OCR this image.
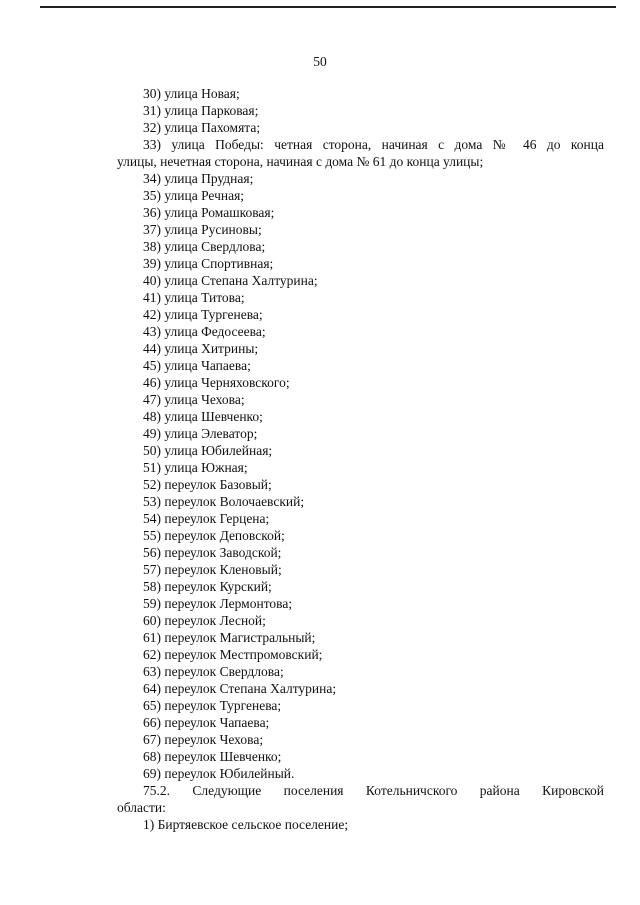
50
30) улица Новая;
31) улица Парковая;
32) улица Пахомята;
33) улица Победы: четная сторона, начиная с дома № 46 до конца
улицы, нечетная сторона, начиная с дома № 61 до конца улицы;
34) улица Прудная;
35) улица Речная;
36) улица Ромашковая;
37) улица Русиновы;
38) улица Свердлова;
39) улица Спортивная;
40) улица Степана Халтурина;
41) улица Титова;
42) улица Тургенева;
43) улица Федосеева;
44) улица Хитрины;
45) улица Чапаева;
46) улица Черняховского;
47) улица Чехова;
48) улица Шевченко;
49) улица Элеватор;
50) улица Юбилейная;
51) улица Южная;
52) переулок Базовый;
53) переулок Волочаевский;
54) переулок Герцена;
55) переулок Деповской;
56) переулок Заводской;
57) переулок Кленовый;
58) переулок Курский;
59) переулок Лермонтова;
60) переулок Лесной;
61) переулок Магистральный;
62) переулок Местпромовский;
63) переулок Свердлова;
64) переулок Степана Халтурина;
65) переулок Тургенева;
66) переулок Чапаева;
67) переулок Чехова;
68) переулок Шевченко;
69) переулок Юбилейный.
75.2. Следующие поселения Котельничского района Кировской
области:
1) Биртяевское сельское поселение;
